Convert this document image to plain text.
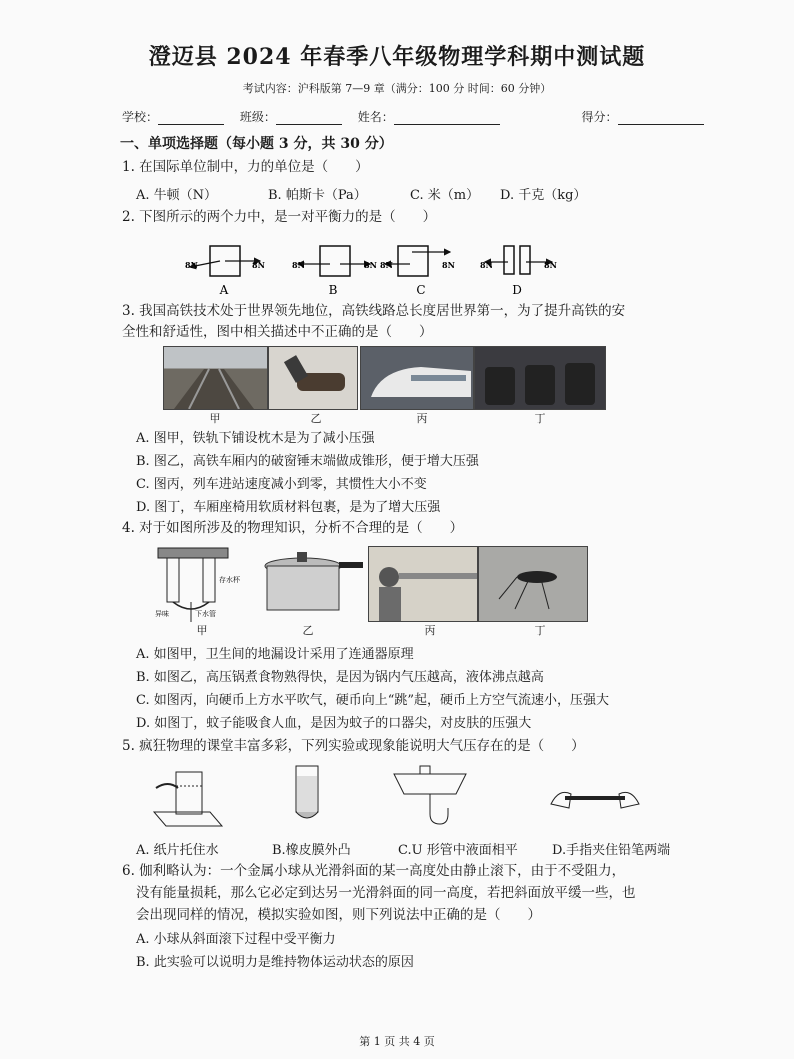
澄迈县 2024 年春季八年级物理学科期中测试题
考试内容：沪科版第 7—9 章（满分：100 分 时间：60 分钟）
学校：	班级：	姓名：	得分：
一、单项选择题（每小题 3 分，共 30 分）
1. 在国际单位制中，力的单位是（　　）
A. 牛顿（N）	B. 帕斯卡（Pa）	C. 米（m） D. 千克（kg）
2. 下图所示的两个力中，是一对平衡力的是（　　）
8N	8N	8N	8N 8N	8N	8N	8N
A	B	C	D
3. 我国高铁技术处于世界领先地位，高铁线路总长度居世界第一，为了提升高铁的安
全性和舒适性，图中相关描述中不正确的是（　　）
甲	乙	丙	丁
A. 图甲，铁轨下铺设枕木是为了减小压强
B. 图乙，高铁车厢内的破窗锤末端做成锥形，便于增大压强
C. 图丙，列车进站速度减小到零，其惯性大小不变
D. 图丁，车厢座椅用软质材料包裹，是为了增大压强
4. 对于如图所涉及的物理知识，分析不合理的是（　　）
存水杯
异味	下水管
甲	乙	丙	丁
A. 如图甲，卫生间的地漏设计采用了连通器原理
B. 如图乙，高压锅煮食物熟得快，是因为锅内气压越高，液体沸点越高
C. 如图丙，向硬币上方水平吹气，硬币向上“跳”起，硬币上方空气流速小，压强大
D. 如图丁，蚊子能吸食人血，是因为蚊子的口器尖，对皮肤的压强大
5. 疯狂物理的课堂丰富多彩，下列实验或现象能说明大气压存在的是（　　）
A. 纸片托住水	B.橡皮膜外凸	C.U 形管中液面相平	D.手指夹住铅笔两端
6. 伽利略认为：一个金属小球从光滑斜面的某一高度处由静止滚下，由于不受阻力，
没有能量损耗，那么它必定到达另一光滑斜面的同一高度，若把斜面放平缓一些，也
会出现同样的情况，模拟实验如图，则下列说法中正确的是（　　）
A. 小球从斜面滚下过程中受平衡力
B. 此实验可以说明力是维持物体运动状态的原因
第 1 页 共 4 页
